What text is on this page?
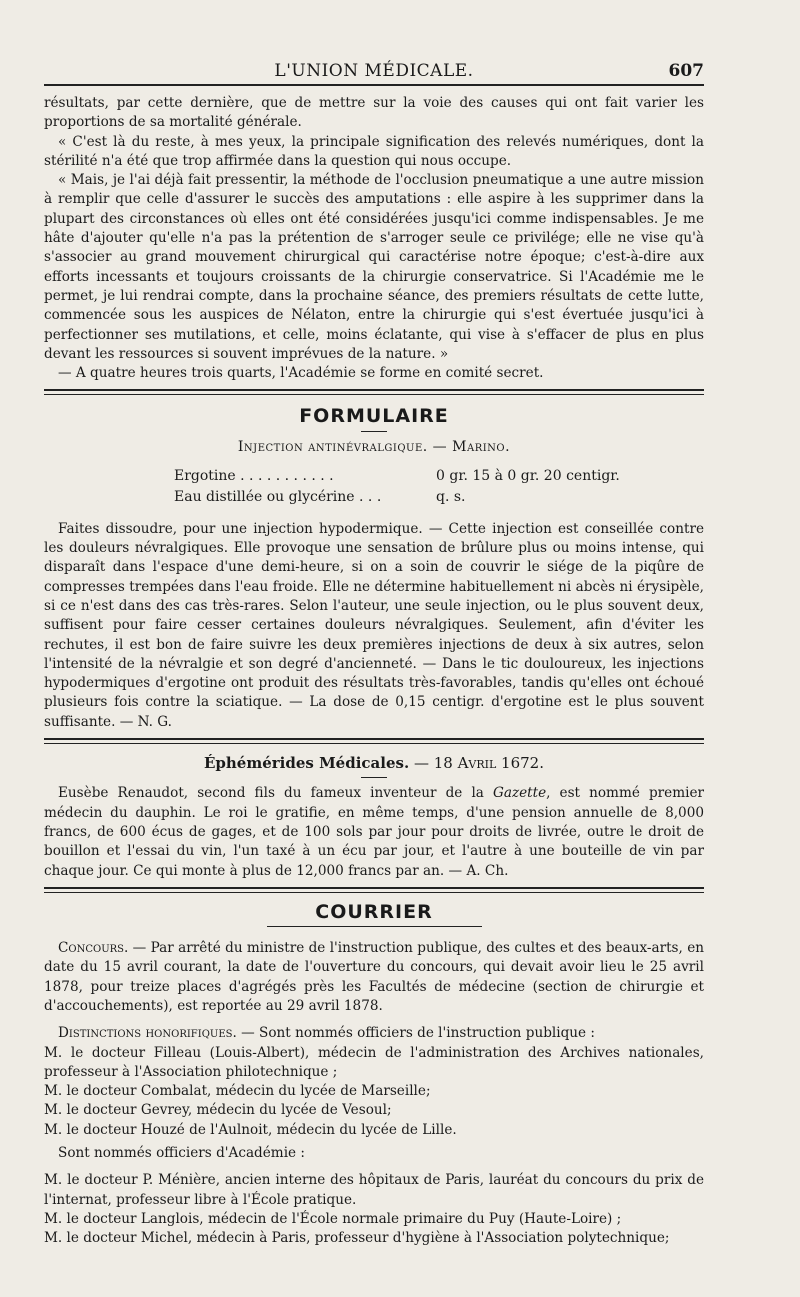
L'UNION MÉDICALE.	607

résultats, par cette dernière, que de mettre sur la voie des causes qui ont fait varier les proportions de sa mortalité générale.

« C'est là du reste, à mes yeux, la principale signification des relevés numériques, dont la stérilité n'a été que trop affirmée dans la question qui nous occupe.

« Mais, je l'ai déjà fait pressentir, la méthode de l'occlusion pneumatique a une autre mission à remplir que celle d'assurer le succès des amputations : elle aspire à les supprimer dans la plupart des circonstances où elles ont été considérées jusqu'ici comme indispensables. Je me hâte d'ajouter qu'elle n'a pas la prétention de s'arroger seule ce privilége; elle ne vise qu'à s'associer au grand mouvement chirurgical qui caractérise notre époque; c'est-à-dire aux efforts incessants et toujours croissants de la chirurgie conservatrice. Si l'Académie me le permet, je lui rendrai compte, dans la prochaine séance, des premiers résultats de cette lutte, commencée sous les auspices de Nélaton, entre la chirurgie qui s'est évertuée jusqu'ici à perfectionner ses mutilations, et celle, moins éclatante, qui vise à s'effacer de plus en plus devant les ressources si souvent imprévues de la nature. »

— A quatre heures trois quarts, l'Académie se forme en comité secret.

FORMULAIRE
Injection antinévralgique. — Marino.
Ergotine . . . . . . . . . . .	0 gr. 15 à 0 gr. 20 centigr.
Eau distillée ou glycérine . . .	q. s.

Faites dissoudre, pour une injection hypodermique. — Cette injection est conseillée contre les douleurs névralgiques. Elle provoque une sensation de brûlure plus ou moins intense, qui disparaît dans l'espace d'une demi-heure, si on a soin de couvrir le siége de la piqûre de compresses trempées dans l'eau froide. Elle ne détermine habituellement ni abcès ni érysipèle, si ce n'est dans des cas très-rares. Selon l'auteur, une seule injection, ou le plus souvent deux, suffisent pour faire cesser certaines douleurs névralgiques. Seulement, afin d'éviter les rechutes, il est bon de faire suivre les deux premières injections de deux à six autres, selon l'intensité de la névralgie et son degré d'ancienneté. — Dans le tic douloureux, les injections hypodermiques d'ergotine ont produit des résultats très-favorables, tandis qu'elles ont échoué plusieurs fois contre la sciatique. — La dose de 0,15 centigr. d'ergotine est le plus souvent suffisante. — N. G.

Éphémérides Médicales. — 18 Avril 1672.

Eusèbe Renaudot, second fils du fameux inventeur de la Gazette, est nommé premier médecin du dauphin. Le roi le gratifie, en même temps, d'une pension annuelle de 8,000 francs, de 600 écus de gages, et de 100 sols par jour pour droits de livrée, outre le droit de bouillon et l'essai du vin, l'un taxé à un écu par jour, et l'autre à une bouteille de vin par chaque jour. Ce qui monte à plus de 12,000 francs par an. — A. Ch.

COURRIER

Concours. — Par arrêté du ministre de l'instruction publique, des cultes et des beaux-arts, en date du 15 avril courant, la date de l'ouverture du concours, qui devait avoir lieu le 25 avril 1878, pour treize places d'agrégés près les Facultés de médecine (section de chirurgie et d'accouchements), est reportée au 29 avril 1878.

Distinctions honorifiques. — Sont nommés officiers de l'instruction publique :

M. le docteur Filleau (Louis-Albert), médecin de l'administration des Archives nationales, professeur à l'Association philotechnique ;

M. le docteur Combalat, médecin du lycée de Marseille;

M. le docteur Gevrey, médecin du lycée de Vesoul;

M. le docteur Houzé de l'Aulnoit, médecin du lycée de Lille.

Sont nommés officiers d'Académie :

M. le docteur P. Ménière, ancien interne des hôpitaux de Paris, lauréat du concours du prix de l'internat, professeur libre à l'École pratique.

M. le docteur Langlois, médecin de l'École normale primaire du Puy (Haute-Loire) ;

M. le docteur Michel, médecin à Paris, professeur d'hygiène à l'Association polytechnique;
